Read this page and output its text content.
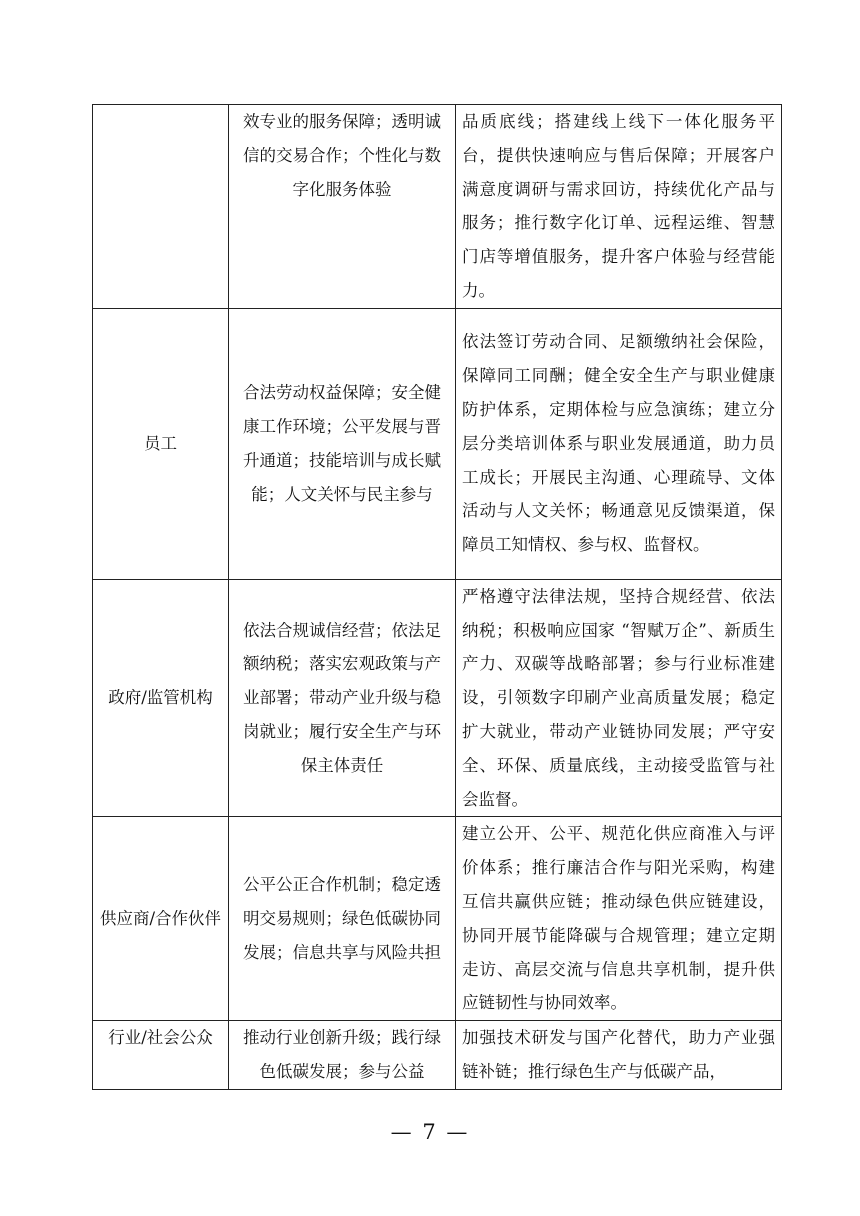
	效专业的服务保障；透明诚信的交易合作；个性化与数字化服务体验	品质底线；搭建线上线下一体化服务平台，提供快速响应与售后保障；开展客户满意度调研与需求回访，持续优化产品与服务；推行数字化订单、远程运维、智慧门店等增值服务，提升客户体验与经营能力。

员工	合法劳动权益保障；安全健康工作环境；公平发展与晋升通道；技能培训与成长赋能；人文关怀与民主参与	依法签订劳动合同、足额缴纳社会保险，保障同工同酬；健全安全生产与职业健康防护体系，定期体检与应急演练；建立分层分类培训体系与职业发展通道，助力员工成长；开展民主沟通、心理疏导、文体活动与人文关怀；畅通意见反馈渠道，保障员工知情权、参与权、监督权。

政府/监管机构	依法合规诚信经营；依法足额纳税；落实宏观政策与产业部署；带动产业升级与稳岗就业；履行安全生产与环保主体责任	严格遵守法律法规，坚持合规经营、依法纳税；积极响应国家 “智赋万企”、新质生产力、双碳等战略部署；参与行业标准建设，引领数字印刷产业高质量发展；稳定扩大就业，带动产业链协同发展；严守安全、环保、质量底线，主动接受监管与社会监督。

供应商/合作伙伴	公平公正合作机制；稳定透明交易规则；绿色低碳协同发展；信息共享与风险共担	建立公开、公平、规范化供应商准入与评价体系；推行廉洁合作与阳光采购，构建互信共赢供应链；推动绿色供应链建设，协同开展节能降碳与合规管理；建立定期走访、高层交流与信息共享机制，提升供应链韧性与协同效率。

行业/社会公众	推动行业创新升级；践行绿色低碳发展；参与公益	加强技术研发与国产化替代，助力产业强链补链；推行绿色生产与低碳产品，
— 7 —
